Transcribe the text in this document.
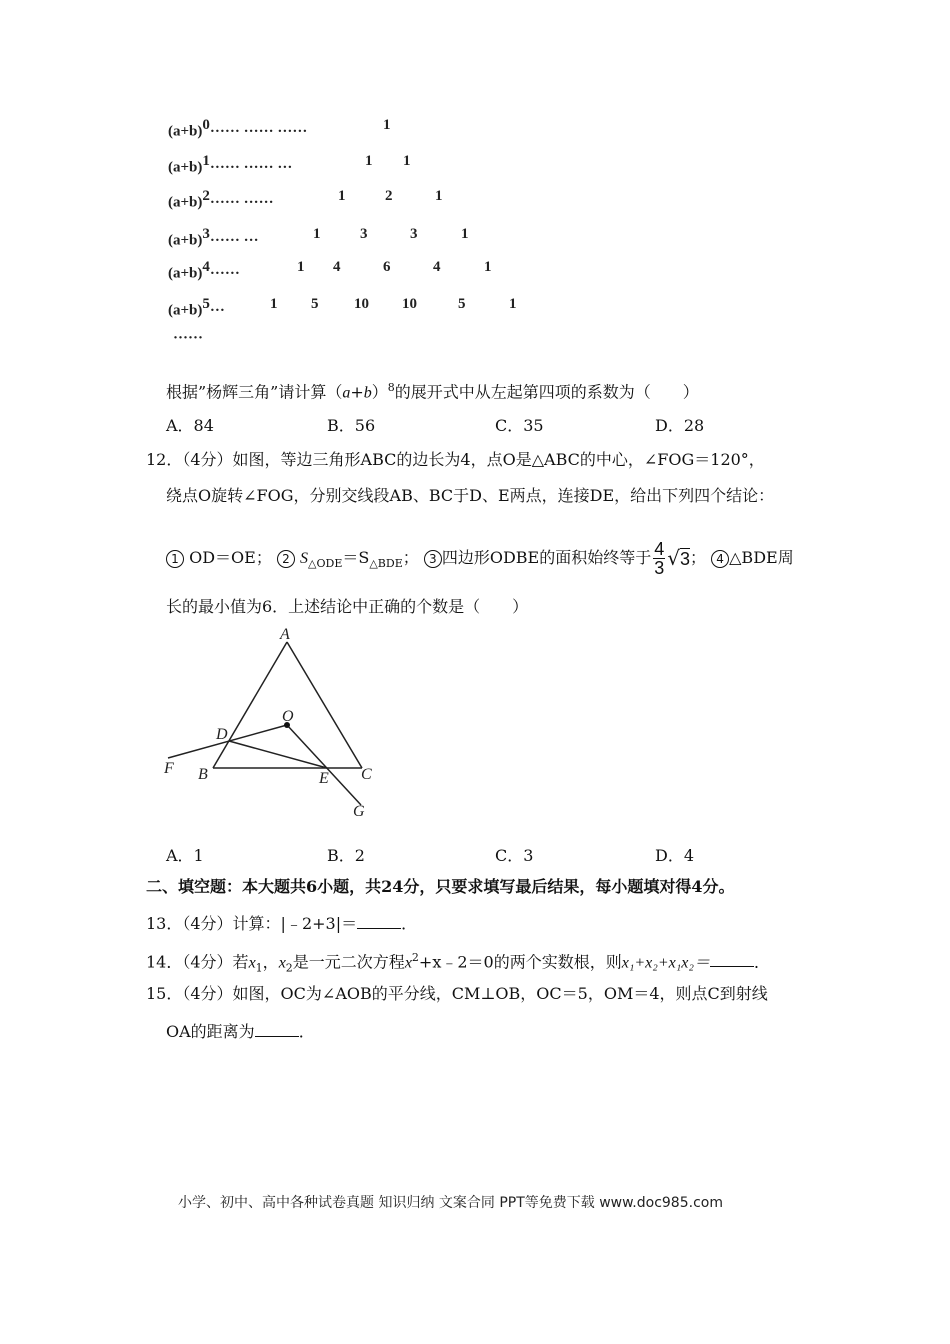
$(a+b)^0\cdot\cdot\cdot\cdot\cdot\cdot$ ······ ······	1
$(a+b)^1\cdot\cdot\cdot\cdot\cdot\cdot$ ······ ···	1 1
$(a+b)^2\cdot\cdot\cdot\cdot\cdot\cdot$ ······	1	2	1
$(a+b)^3\cdot\cdot\cdot\cdot\cdot\cdot$ ···	1	3	3	1
$(a+b)^4\cdot\cdot\cdot\cdot\cdot\cdot$	1 4	6	4	1
$(a+b)^5\cdot\cdot\cdot$	1 5 10 10	5	1
······
根据”杨辉三角”请计算$(a+b)^8$的展开式中从左起第四项的系数为（　　）
A．84	B．56	C．35	D．28
12．（4分）如图，等边三角形ABC的边长为4，点O是△ABC的中心，∠FOG＝120°，
绕点O旋转∠FOG，分别交线段AB、BC于D、E两点，连接DE，给出下列四个结论：
1 OD＝OE； 2 $S_{\triangle ODE}=S_{\triangle BDE}$； 3 四边形ODBE的面积始终等于 $\frac{4}{3} √3$； 4 △BDE周
长的最小值为6．上述结论中正确的个数是（　　）
A
B	C
D
E
F
G
O
A．1	B．2	C．3	D．4
二、填空题：本大题共6小题，共24分，只要求填写最后结果，每小题填对得4分。
13．（4分）计算：|﹣2+3|＝	．
14．（4分）若$x_1$，$x_2$是一元二次方程$x^2+x﹣2=0$的两个实数根，则x₁+x₂+x₁x₂＝	．
15．（4分）如图，OC为∠AOB的平分线，CM⊥OB，OC＝5，OM＝4，则点C到射线
OA的距离为	．
小学、初中、高中各种试卷真题 知识归纳 文案合同 PPT等免费下载 www.doc985.com
